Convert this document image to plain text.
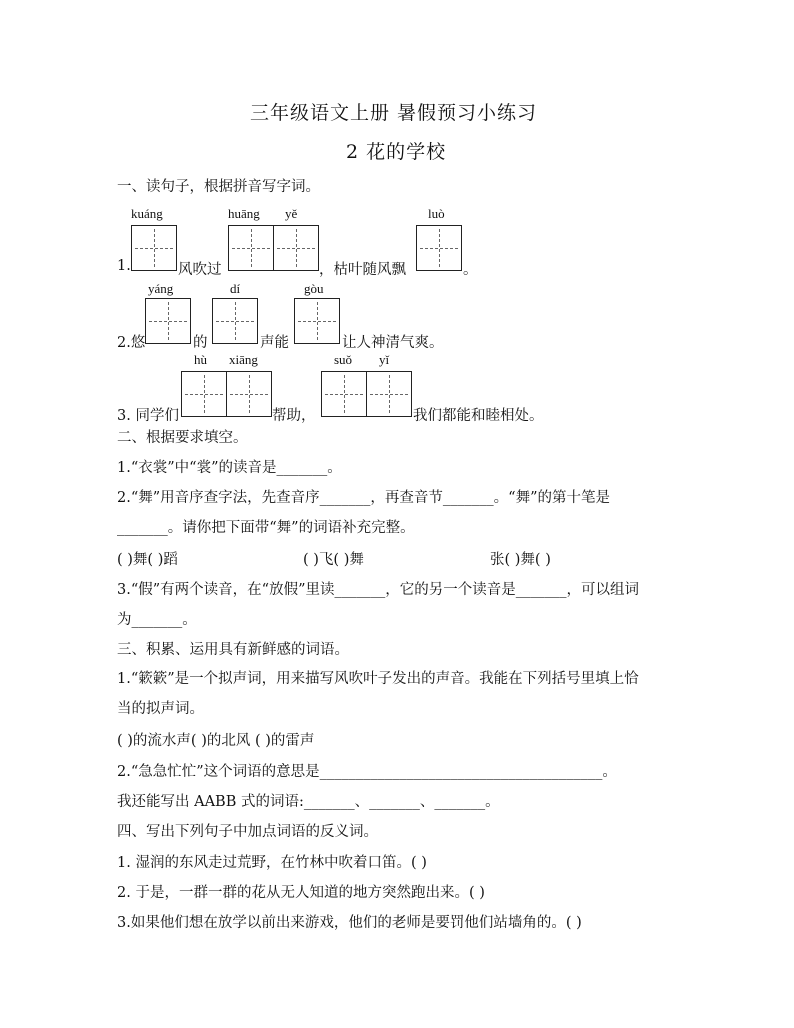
三年级语文上册 暑假预习小练习
2 花的学校
一、读句子，根据拼音写字词。
kuáng	huāng yě	luò
1.	风吹过	，枯叶随风飘	。
yáng	dí	gòu
2.悠	的	声能	让人神清气爽。
hù xiāng	suǒ yǐ
3. 同学们	帮助，	我们都能和睦相处。
二、根据要求填空。
1.“衣裳”中“裳”的读音是_______。
2.“舞”用音序查字法，先查音序_______，再查音节_______。“舞”的第十笔是
_______。请你把下面带“舞”的词语补充完整。
( )舞( )蹈	( )飞( )舞	张( )舞( )
3.“假”有两个读音，在“放假”里读_______，它的另一个读音是_______，可以组词
为_______。
三、积累、运用具有新鲜感的词语。
1.“簌簌”是一个拟声词，用来描写风吹叶子发出的声音。我能在下列括号里填上恰
当的拟声词。
( )的流水声( )的北风 ( )的雷声
2.“急急忙忙”这个词语的意思是_______________________________________。
我还能写出 AABB 式的词语:_______、_______、_______。
四、写出下列句子中加点词语的反义词。
1. 湿润的东风走过荒野，在竹林中吹着口笛。( )
2. 于是，一群一群的花从无人知道的地方突然跑出来。( )
3.如果他们想在放学以前出来游戏，他们的老师是要罚他们站墙角的。( )
